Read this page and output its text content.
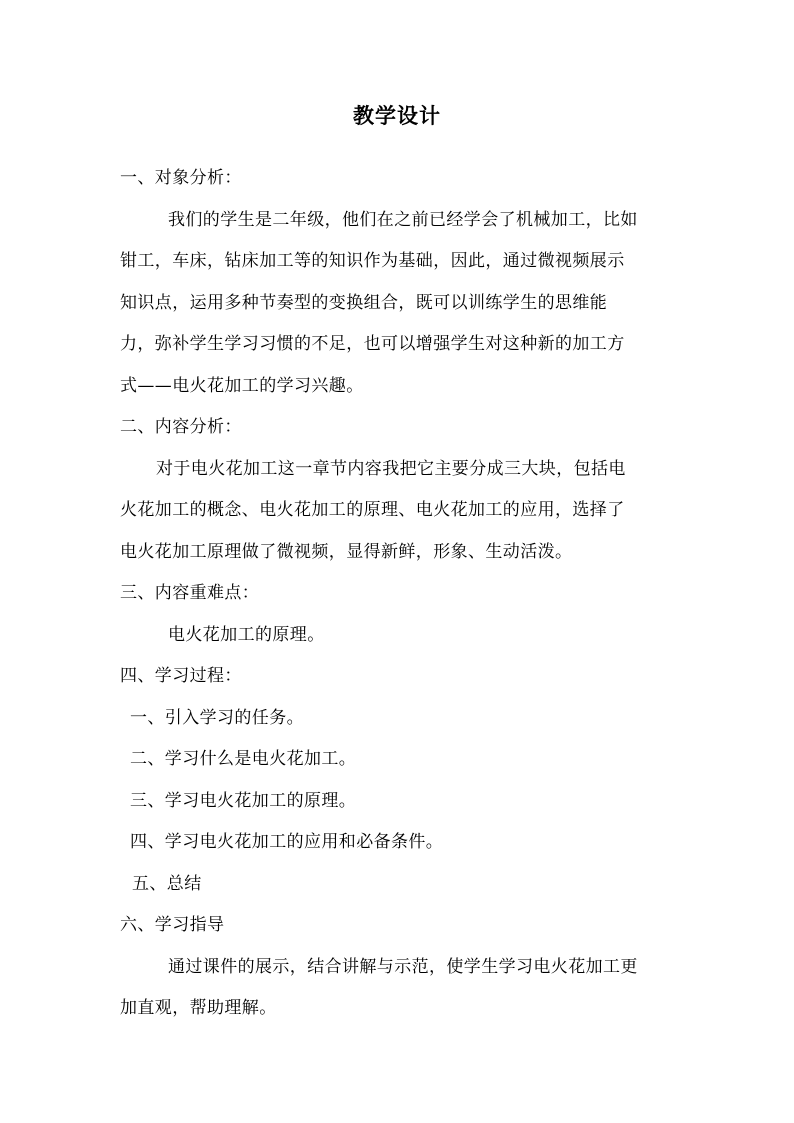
教学设计
一、对象分析：
我们的学生是二年级，他们在之前已经学会了机械加工，比如
钳工，车床，钻床加工等的知识作为基础，因此，通过微视频展示
知识点，运用多种节奏型的变换组合，既可以训练学生的思维能
力，弥补学生学习习惯的不足，也可以增强学生对这种新的加工方
式——电火花加工的学习兴趣。
二、内容分析：
对于电火花加工这一章节内容我把它主要分成三大块，包括电
火花加工的概念、电火花加工的原理、电火花加工的应用，选择了
电火花加工原理做了微视频，显得新鲜，形象、生动活泼。
三、内容重难点：
电火花加工的原理。
四、学习过程：
一、引入学习的任务。
二、学习什么是电火花加工。
三、学习电火花加工的原理。
四、学习电火花加工的应用和必备条件。
五、总结
六、学习指导
通过课件的展示，结合讲解与示范，使学生学习电火花加工更
加直观，帮助理解。
